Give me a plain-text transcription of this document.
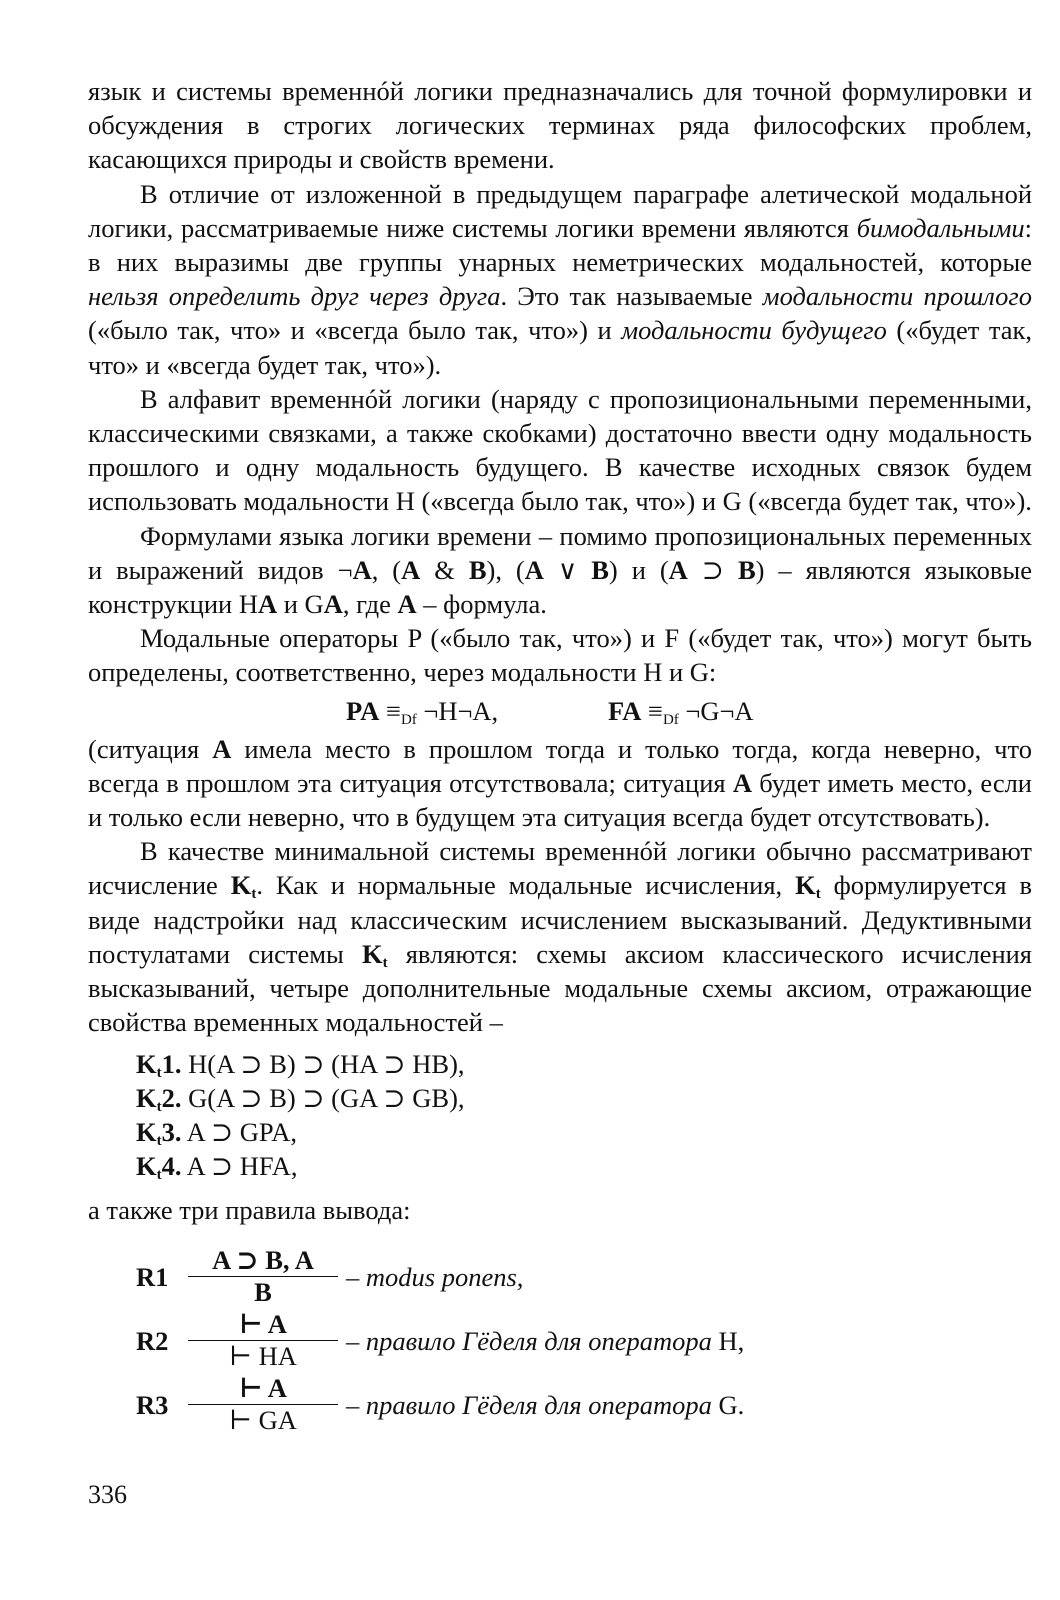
язык и системы временнóй логики предназначались для точной формулировки и обсуждения в строгих логических терминах ряда философских проблем, касающихся природы и свойств времени.

В отличие от изложенной в предыдущем параграфе алетической модальной логики, рассматриваемые ниже системы логики времени являются бимодальными: в них выразимы две группы унарных неметрических модальностей, которые нельзя определить друг через друга. Это так называемые модальности прошлого («было так, что» и «всегда было так, что») и модальности будущего («будет так, что» и «всегда будет так, что»).

В алфавит временнóй логики (наряду с пропозициональными переменными, классическими связками, а также скобками) достаточно ввести одну модальность прошлого и одну модальность будущего. В качестве исходных связок будем использовать модальности H («всегда было так, что») и G («всегда будет так, что»).

Формулами языка логики времени – помимо пропозициональных переменных и выражений видов ¬A, (A & B), (A ∨ B) и (A ⊃ B) – являются языковые конструкции HA и GA, где A – формула.

Модальные операторы P («было так, что») и F («будет так, что») могут быть определены, соответственно, через модальности H и G:

PA $\equiv_{Df}$ ¬H¬A,	FA $\equiv_{Df}$ ¬G¬A

(ситуация A имела место в прошлом тогда и только тогда, когда неверно, что всегда в прошлом эта ситуация отсутствовала; ситуация A будет иметь место, если и только если неверно, что в будущем эта ситуация всегда будет отсутствовать).

В качестве минимальной системы временнóй логики обычно рассматривают исчисление $K_t$. Как и нормальные модальные исчисления, $K_t$ формулируется в виде надстройки над классическим исчислением высказываний. Дедуктивными постулатами системы $K_t$ являются: схемы аксиом классического исчисления высказываний, четыре дополнительные модальные схемы аксиом, отражающие свойства временных модальностей –

$K_t1$. H(A ⊃ B) ⊃ (HA ⊃ HB),
$K_t2$. G(A ⊃ B) ⊃ (GA ⊃ GB),
$K_t3$. A ⊃ GPA,
$K_t4$. A ⊃ HFA,

а также три правила вывода:

R1
A ⊃ B, A
B	– modus ponens,
R2
⊢ A
⊢ HA	– правило Гёделя для оператора H,
R3
⊢ A
⊢ GA	– правило Гёделя для оператора G.
336
